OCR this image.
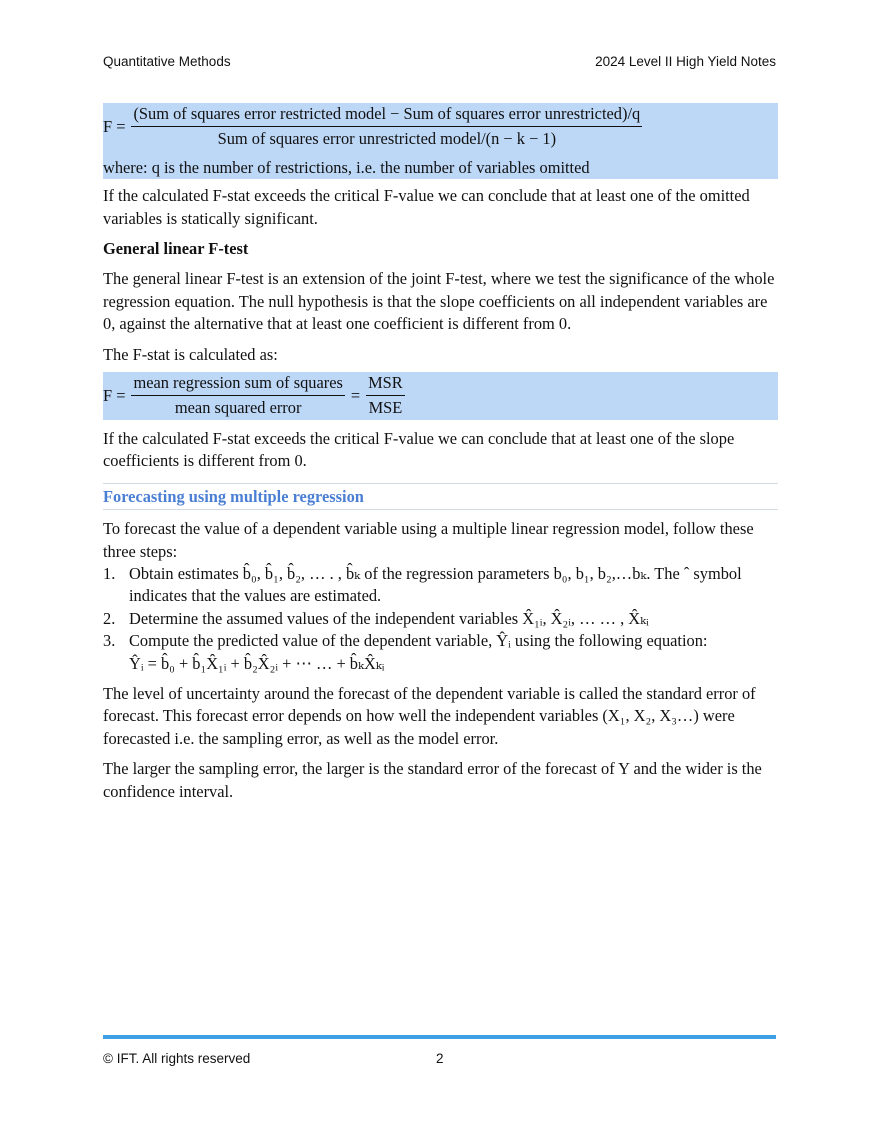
Quantitative Methods	2024 Level II High Yield Notes
F =
(Sum of squares error restricted model − Sum of squares error unrestricted)/q
Sum of squares error unrestricted model/(n − k − 1)
where: q is the number of restrictions, i.e. the number of variables omitted

If the calculated F-stat exceeds the critical F-value we can conclude that at least one of the omitted variables is statically significant.

General linear F-test

The general linear F-test is an extension of the joint F-test, where we test the significance of the whole regression equation. The null hypothesis is that the slope coefficients on all independent variables are 0, against the alternative that at least one coefficient is different from 0.

The F-stat is calculated as:

$F = \frac{\text{mean regression sum of squares}}{\text{mean squared error}} = \frac{\text{MSR}}{\text{MSE}}$

If the calculated F-stat exceeds the critical F-value we can conclude that at least one of the slope coefficients is different from 0.

Forecasting using multiple regression

To forecast the value of a dependent variable using a multiple linear regression model, follow these three steps:

1. Obtain estimates b̂₀, b̂₁, b̂₂, … . , b̂ₖ of the regression parameters b₀, b₁, b₂,…bₖ. The ˆ symbol indicates that the values are estimated.
2. Determine the assumed values of the independent variables X̂₁ᵢ, X̂₂ᵢ, … … , X̂ₖᵢ
3. Compute the predicted value of the dependent variable, Ŷᵢ using the following equation:
Ŷᵢ = b̂₀ + b̂₁X̂₁ᵢ + b̂₂X̂₂ᵢ + ⋯ … + b̂ₖX̂ₖᵢ

The level of uncertainty around the forecast of the dependent variable is called the standard error of forecast. This forecast error depends on how well the independent variables (X₁, X₂, X₃…) were forecasted i.e. the sampling error, as well as the model error.

The larger the sampling error, the larger is the standard error of the forecast of Y and the wider is the confidence interval.

© IFT. All rights reserved	2
